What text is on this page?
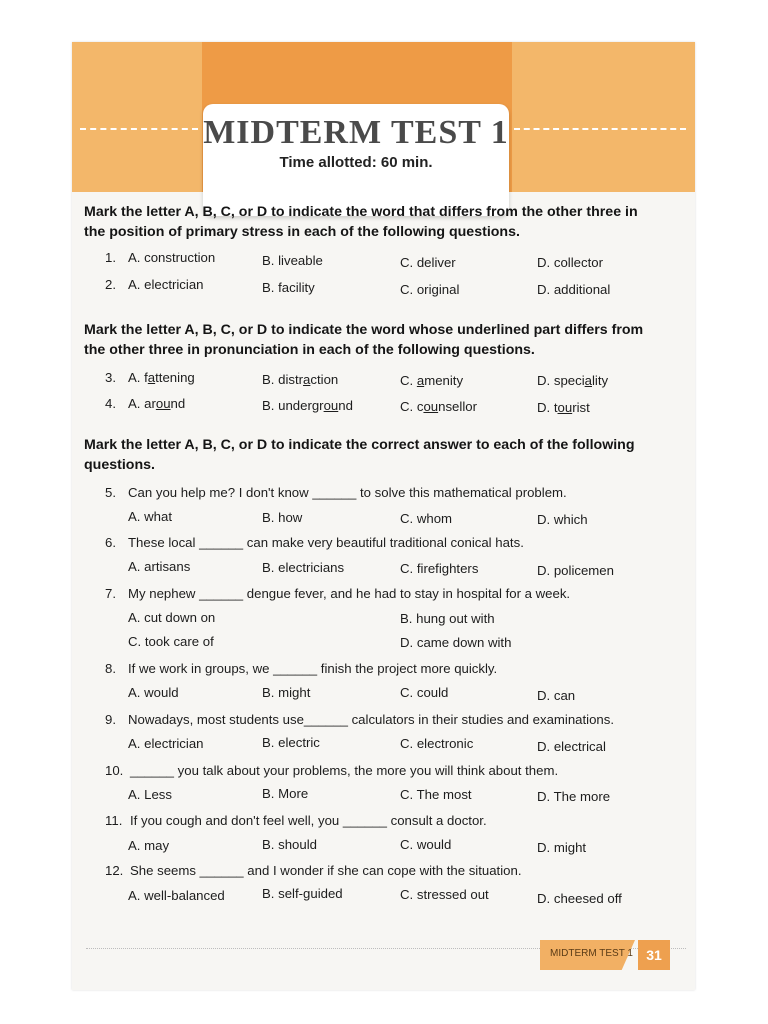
MIDTERM TEST 1
Time allotted: 60 min.
Mark the letter A, B, C, or D to indicate the word that differs from the other three in the position of primary stress in each of the following questions.
1. A. construction	B. liveable	C. deliver	D. collector
2. A. electrician	B. facility	C. original	D. additional
Mark the letter A, B, C, or D to indicate the word whose underlined part differs from the other three in pronunciation in each of the following questions.
3. A. fattening	B. distraction	C. amenity	D. speciality
4. A. around	B. underground	C. counsellor	D. tourist
Mark the letter A, B, C, or D to indicate the correct answer to each of the following questions.
5. Can you help me? I don't know ______ to solve this mathematical problem.
A. what	B. how	C. whom	D. which
6. These local ______ can make very beautiful traditional conical hats.
A. artisans	B. electricians	C. firefighters	D. policemen
7. My nephew ______ dengue fever, and he had to stay in hospital for a week.
A. cut down on	B. hung out with
C. took care of	D. came down with
8. If we work in groups, we ______ finish the project more quickly.
A. would	B. might	C. could	D. can
9. Nowadays, most students use______ calculators in their studies and examinations.
A. electrician	B. electric	C. electronic	D. electrical
10. ______ you talk about your problems, the more you will think about them.
A. Less	B. More	C. The most	D. The more
11. If you cough and don't feel well, you ______ consult a doctor.
A. may	B. should	C. would	D. might
12. She seems ______ and I wonder if she can cope with the situation.
A. well-balanced	B. self-guided	C. stressed out	D. cheesed off
MIDTERM TEST 1 31
